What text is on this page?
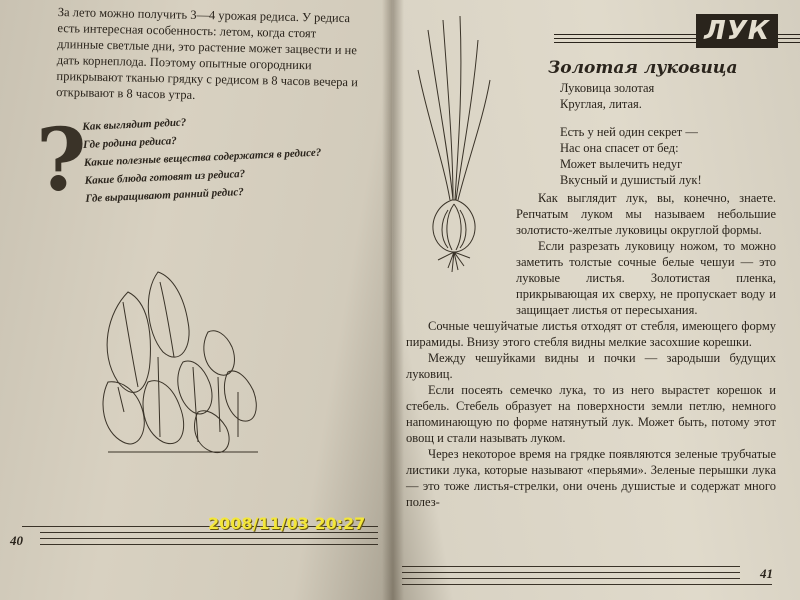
За лето можно получить 3—4 урожая редиса. У редиса есть интересная особенность: летом, когда стоят длинные светлые дни, это растение может зацвести и не дать корнеплода. Поэтому опытные огородники прикрывают тканью грядку с редисом в 8 часов вечера и открывают в 8 часов утра.

?
Как выглядит редис?
Где родина редиса?
Какие полезные вещества содержатся в редисе?
Какие блюда готовят из редиса?
Где выращивают ранний редис?
40
ЛУК
Золотая луковица
Луковица золотая
Круглая, литая.
Есть у ней один секрет —
Нас она спасет от бед:
Может вылечить недуг
Вкусный и душистый лук!

Как выглядит лук, вы, конечно, знаете. Репчатым луком мы называем небольшие золотисто-желтые луковицы округлой формы.

Если разрезать луковицу ножом, то можно заметить толстые сочные белые чешуи — это луковые листья. Золотистая пленка, прикрывающая их сверху, не пропускает воду и защищает листья от пересыхания.

Сочные чешуйчатые листья отходят от стебля, имеющего форму пирамиды. Внизу этого стебля видны мелкие засохшие корешки.

Между чешуйками видны и почки — зародыши будущих луковиц.

Если посеять семечко лука, то из него вырастет корешок и стебель. Стебель образует на поверхности земли петлю, немного напоминающую по форме натянутый лук. Может быть, потому этот овощ и стали называть луком.

Через некоторое время на грядке появляются зеленые трубчатые листики лука, которые называют «перьями». Зеленые перышки лука — это тоже листья-стрелки, они очень душистые и содержат много полез-

41
2008/11/03 20:27
